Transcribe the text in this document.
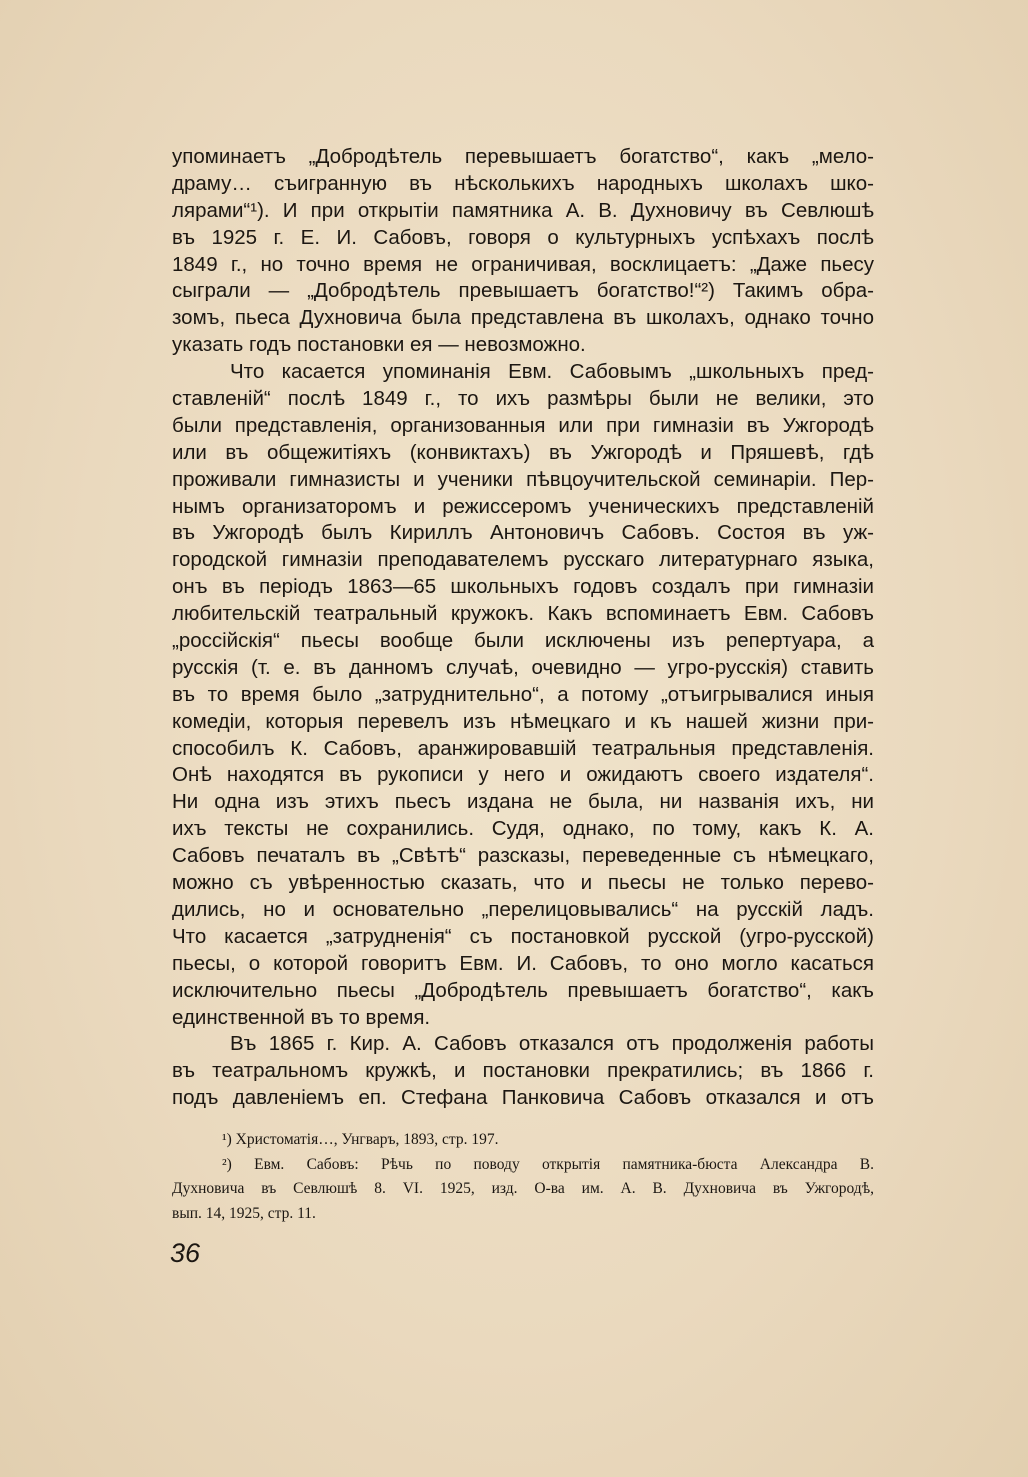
упоминаетъ „Добродѣтель перевышаетъ богатство“, какъ „мело-
драму… съигранную въ нѣсколькихъ народныхъ школахъ шко-
лярами“¹). И при открытіи памятника А. В. Духновичу въ Севлюшѣ
въ 1925 г. Е. И. Сабовъ, говоря о культурныхъ успѣхахъ послѣ
1849 г., но точно время не ограничивая, восклицаетъ: „Даже пьесу
сыграли — „Добродѣтель превышаетъ богатство!“²) Такимъ обра-
зомъ, пьеса Духновича была представлена въ школахъ, однако точно
указать годъ постановки ея — невозможно.
Что касается упоминанія Евм. Сабовымъ „школьныхъ пред-
ставленій“ послѣ 1849 г., то ихъ размѣры были не велики, это
были представленія, организованныя или при гимназіи въ Ужгородѣ
или въ общежитіяхъ (конвиктахъ) въ Ужгородѣ и Пряшевѣ, гдѣ
проживали гимназисты и ученики пѣвцоучительской семинаріи. Пер-
нымъ организаторомъ и режиссеромъ ученическихъ представленій
въ Ужгородѣ былъ Кириллъ Антоновичъ Сабовъ. Состоя въ уж-
городской гимназіи преподавателемъ русскаго литературнаго языка,
онъ въ періодъ 1863—65 школьныхъ годовъ создалъ при гимназіи
любительскій театральный кружокъ. Какъ вспоминаетъ Евм. Сабовъ
„россійскія“ пьесы вообще были исключены изъ репертуара, а
русскія (т. е. въ данномъ случаѣ, очевидно — угро-русскія) ставить
въ то время было „затруднительно“, а потому „отъигрывалися иныя
комедіи, которыя перевелъ изъ нѣмецкаго и къ нашей жизни при-
способилъ К. Сабовъ, аранжировавшій театральныя представленія.
Онѣ находятся въ рукописи у него и ожидаютъ своего издателя“.
Ни одна изъ этихъ пьесъ издана не была, ни названія ихъ, ни
ихъ тексты не сохранились. Судя, однако, по тому, какъ К. А.
Сабовъ печаталъ въ „Свѣтѣ“ разсказы, переведенные съ нѣмецкаго,
можно съ увѣренностью сказать, что и пьесы не только перево-
дились, но и основательно „перелицовывались“ на русскій ладъ.
Что касается „затрудненія“ съ постановкой русской (угро-русской)
пьесы, о которой говоритъ Евм. И. Сабовъ, то оно могло касаться
исключительно пьесы „Добродѣтель превышаетъ богатство“, какъ
единственной въ то время.
Въ 1865 г. Кир. А. Сабовъ отказался отъ продолженія работы
въ театральномъ кружкѣ, и постановки прекратились; въ 1866 г.
подъ давленіемъ еп. Стефана Панковича Сабовъ отказался и отъ
¹) Христоматія…, Унгваръ, 1893, стр. 197.
²) Евм. Сабовъ: Рѣчь по поводу открытія памятника-бюста Александра В.
Духновича въ Севлюшѣ 8. VI. 1925, изд. О-ва им. А. В. Духновича въ Ужгородѣ,
вып. 14, 1925, стр. 11.
36
